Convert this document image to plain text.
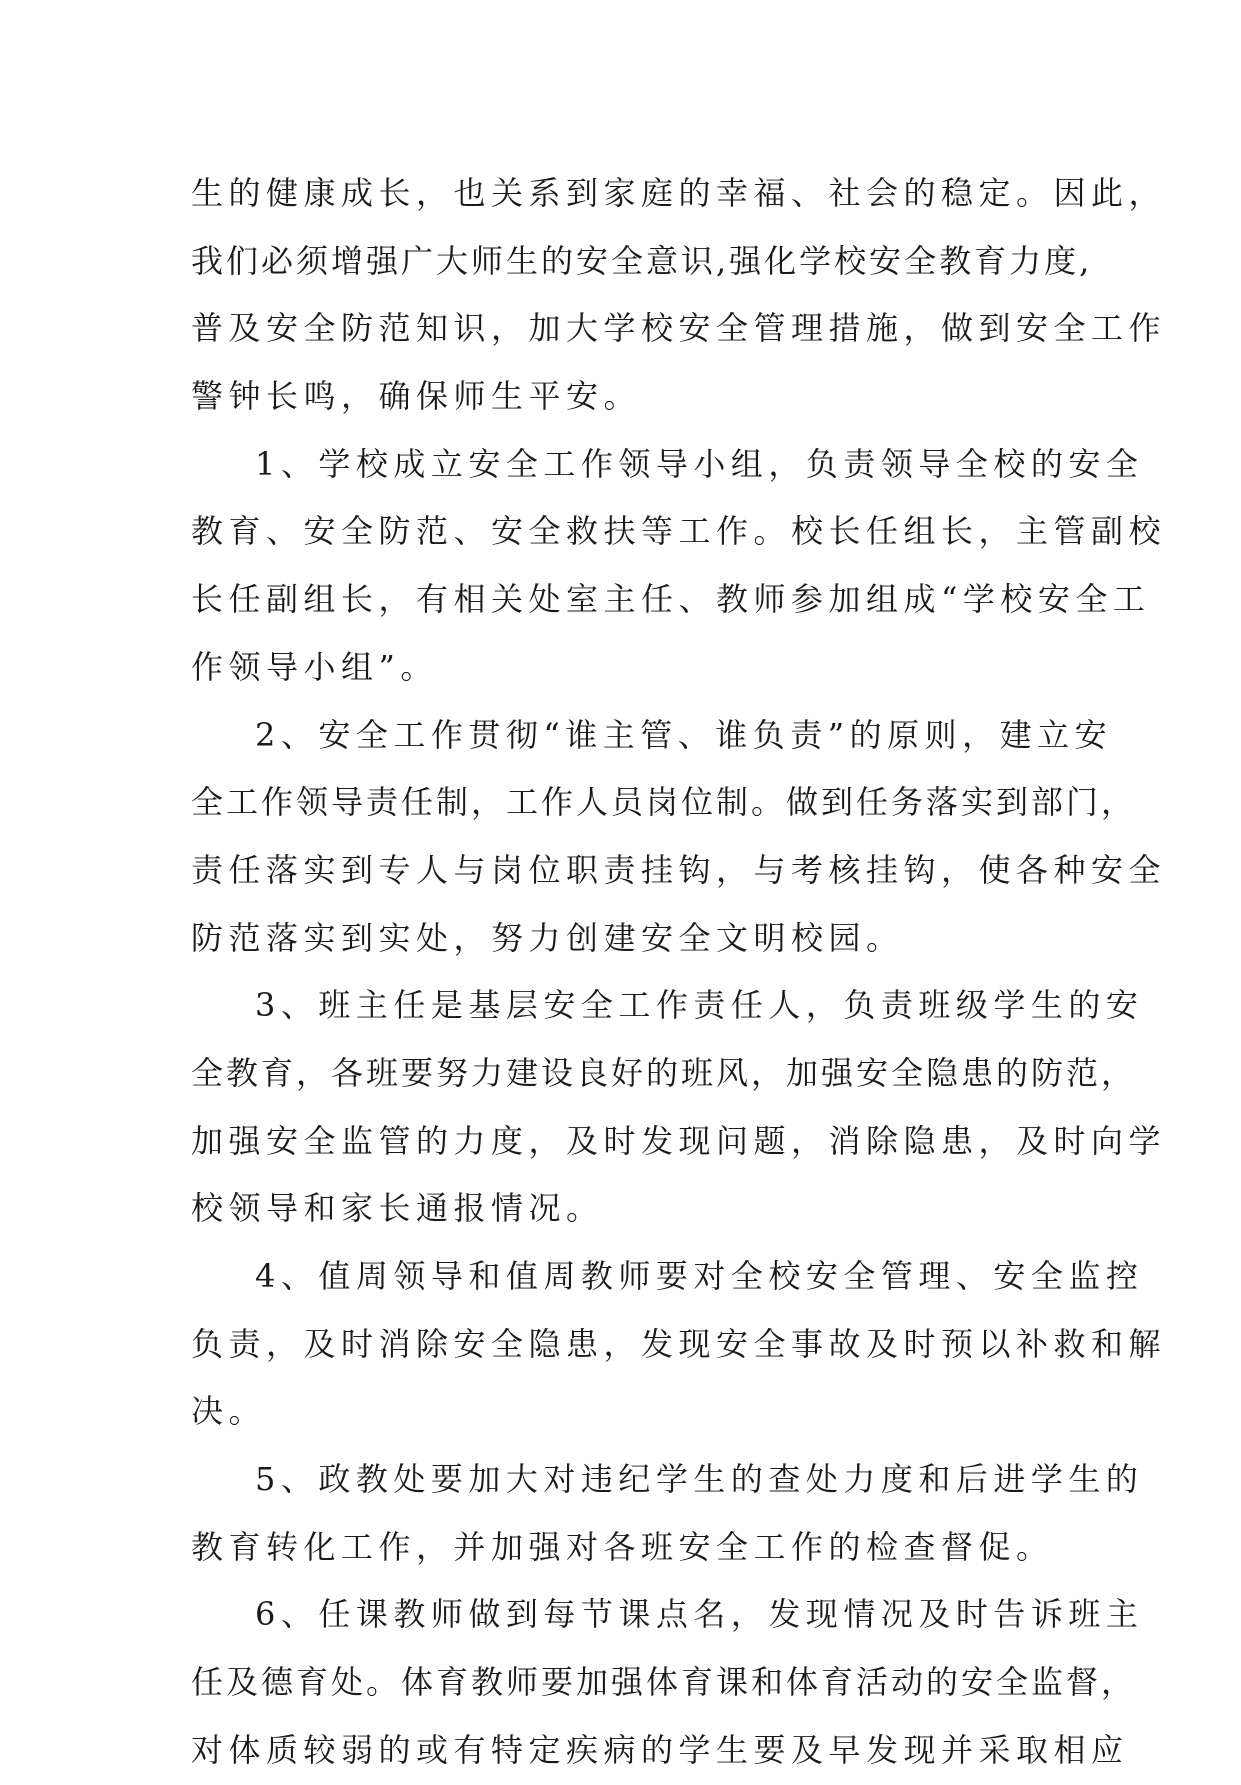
生的健康成长，也关系到家庭的幸福、社会的稳定。因此，
我们必须增强广大师生的安全意识,强化学校安全教育力度,
普及安全防范知识，加大学校安全管理措施，做到安全工作
警钟长鸣，确保师生平安。
1、学校成立安全工作领导小组，负责领导全校的安全
教育、安全防范、安全救扶等工作。校长任组长，主管副校
长任副组长，有相关处室主任、教师参加组成“学校安全工
作领导小组”。
2、安全工作贯彻“谁主管、谁负责”的原则，建立安
全工作领导责任制，工作人员岗位制。做到任务落实到部门，
责任落实到专人与岗位职责挂钩，与考核挂钩，使各种安全
防范落实到实处，努力创建安全文明校园。
3、班主任是基层安全工作责任人，负责班级学生的安
全教育，各班要努力建设良好的班风，加强安全隐患的防范，
加强安全监管的力度，及时发现问题，消除隐患，及时向学
校领导和家长通报情况。
4、值周领导和值周教师要对全校安全管理、安全监控
负责，及时消除安全隐患，发现安全事故及时预以补救和解
决。
5、政教处要加大对违纪学生的查处力度和后进学生的
教育转化工作，并加强对各班安全工作的检查督促。
6、任课教师做到每节课点名，发现情况及时告诉班主
任及德育处。体育教师要加强体育课和体育活动的安全监督，
对体质较弱的或有特定疾病的学生要及早发现并采取相应
